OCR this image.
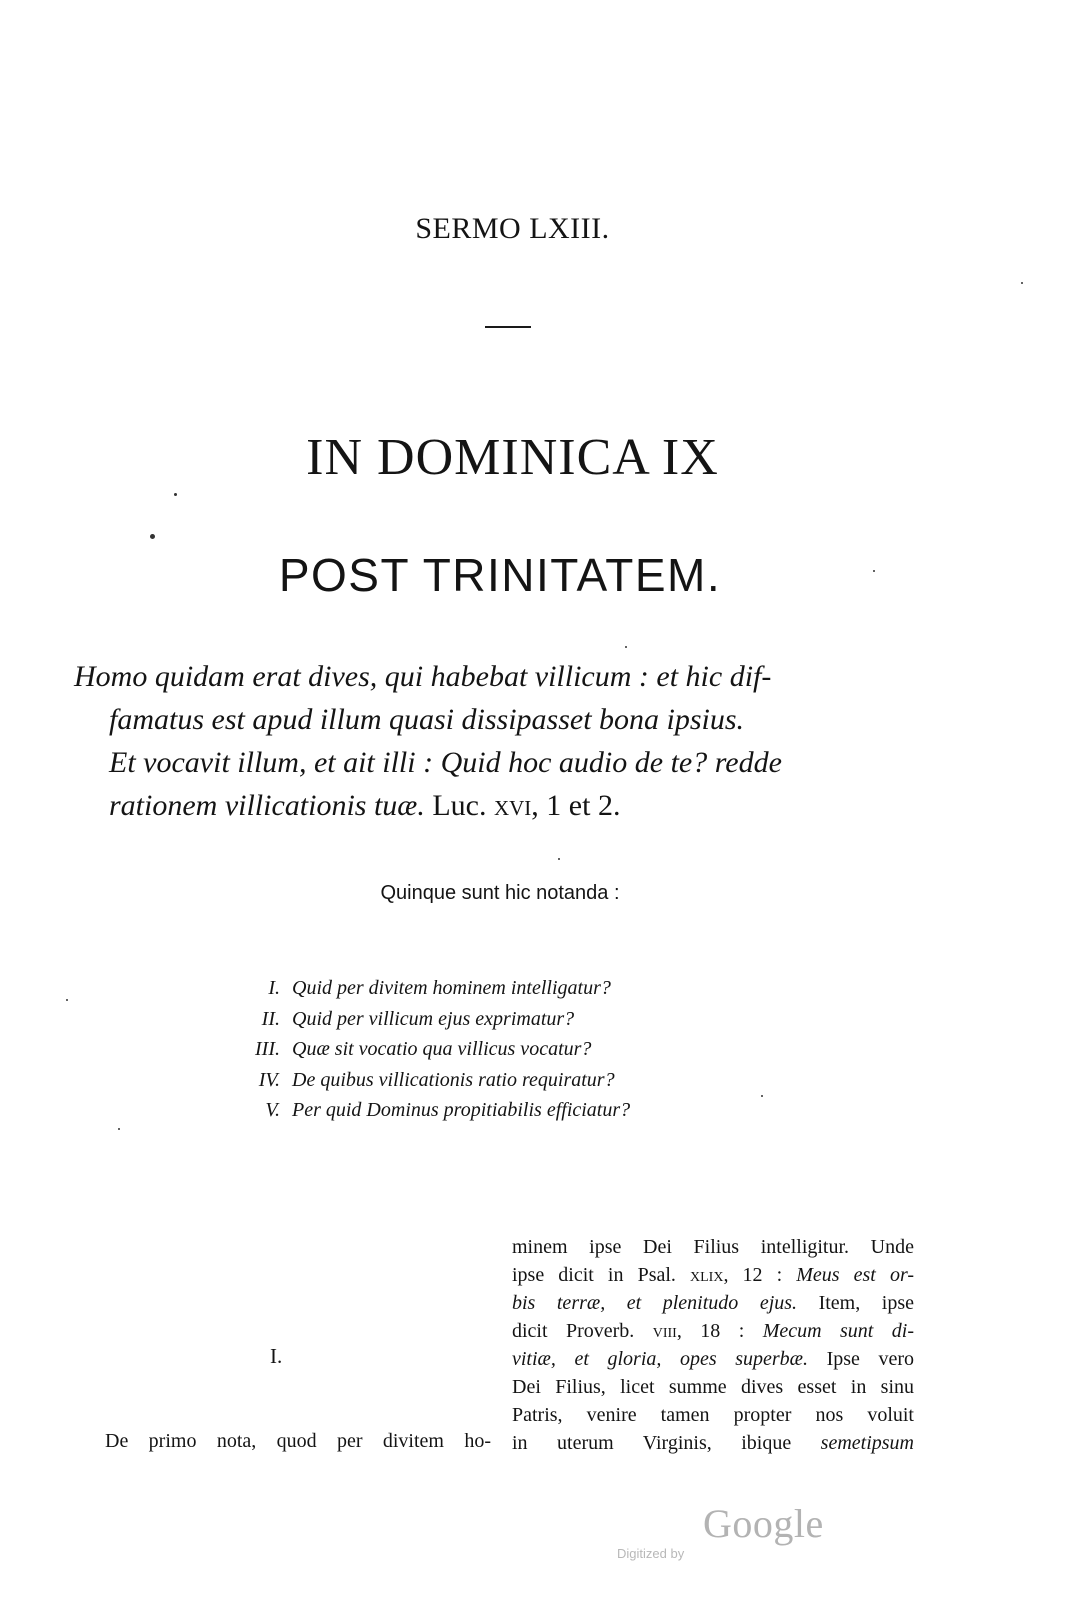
SERMO LXIII.
IN DOMINICA IX
POST TRINITATEM.
Homo quidam erat dives, qui habebat villicum : et hic dif-
famatus est apud illum quasi dissipasset bona ipsius.
Et vocavit illum, et ait illi : Quid hoc audio de te? redde
rationem villicationis tuæ. Luc. xvi, 1 et 2.
Quinque sunt hic notanda :
I. Quid per divitem hominem intelligatur?
II. Quid per villicum ejus exprimatur?
III. Quæ sit vocatio qua villicus vocatur?
IV. De quibus villicationis ratio requiratur?
V. Per quid Dominus propitiabilis efficiatur?
I.
De primo nota, quod per divitem ho-
minem ipse Dei Filius intelligitur. Unde
ipse dicit in Psal. xlix, 12 : Meus est or-
bis terræ, et plenitudo ejus. Item, ipse
dicit Proverb. viii, 18 : Mecum sunt di-
vitiæ, et gloria, opes superbæ. Ipse vero
Dei Filius, licet summe dives esset in sinu
Patris, venire tamen propter nos voluit
in uterum Virginis, ibique semetipsum
Digitized by
Google
